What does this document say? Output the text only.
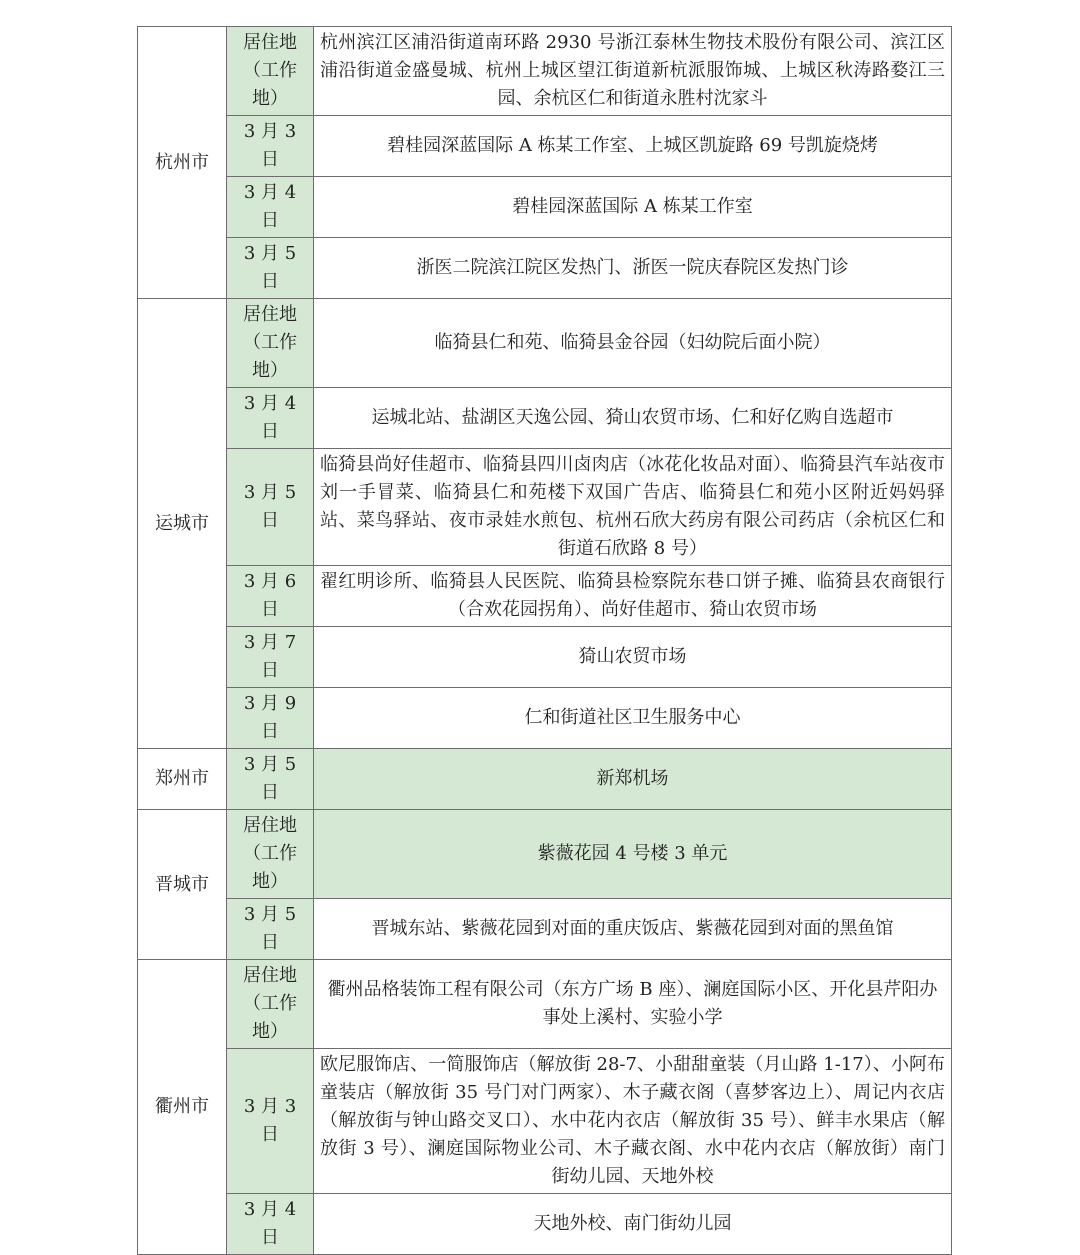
杭州市	居住地（工作地）	杭州滨江区浦沿街道南环路 2930 号浙江泰林生物技术股份有限公司、滨江区浦沿街道金盛曼城、杭州上城区望江街道新杭派服饰城、上城区秋涛路婺江三园、余杭区仁和街道永胜村沈家斗
	3 月 3 日	碧桂园深蓝国际 A 栋某工作室、上城区凯旋路 69 号凯旋烧烤
	3 月 4 日	碧桂园深蓝国际 A 栋某工作室
	3 月 5 日	浙医二院滨江院区发热门、浙医一院庆春院区发热门诊
运城市	居住地（工作地）	临猗县仁和苑、临猗县金谷园（妇幼院后面小院）
	3 月 4 日	运城北站、盐湖区天逸公园、猗山农贸市场、仁和好亿购自选超市
	3 月 5 日	临猗县尚好佳超市、临猗县四川卤肉店（冰花化妆品对面）、临猗县汽车站夜市刘一手冒菜、临猗县仁和苑楼下双国广告店、临猗县仁和苑小区附近妈妈驿站、菜鸟驿站、夜市录娃水煎包、杭州石欣大药房有限公司药店（余杭区仁和街道石欣路 8 号）
	3 月 6 日	翟红明诊所、临猗县人民医院、临猗县检察院东巷口饼子摊、临猗县农商银行（合欢花园拐角）、尚好佳超市、猗山农贸市场
	3 月 7 日	猗山农贸市场
	3 月 9 日	仁和街道社区卫生服务中心
郑州市	3 月 5 日	新郑机场
晋城市	居住地（工作地）	紫薇花园 4 号楼 3 单元
	3 月 5 日	晋城东站、紫薇花园到对面的重庆饭店、紫薇花园到对面的黑鱼馆
衢州市	居住地（工作地）	衢州品格装饰工程有限公司（东方广场 B 座）、澜庭国际小区、开化县芹阳办事处上溪村、实验小学
	3 月 3 日	欧尼服饰店、一简服饰店（解放街 28-7、小甜甜童装（月山路 1-17）、小阿布童装店（解放街 35 号门对门两家）、木子藏衣阁（喜梦客边上）、周记内衣店（解放街与钟山路交叉口）、水中花内衣店（解放街 35 号）、鲜丰水果店（解放街 3 号）、澜庭国际物业公司、木子藏衣阁、水中花内衣店（解放街）南门街幼儿园、天地外校
	3 月 4 日	天地外校、南门街幼儿园
